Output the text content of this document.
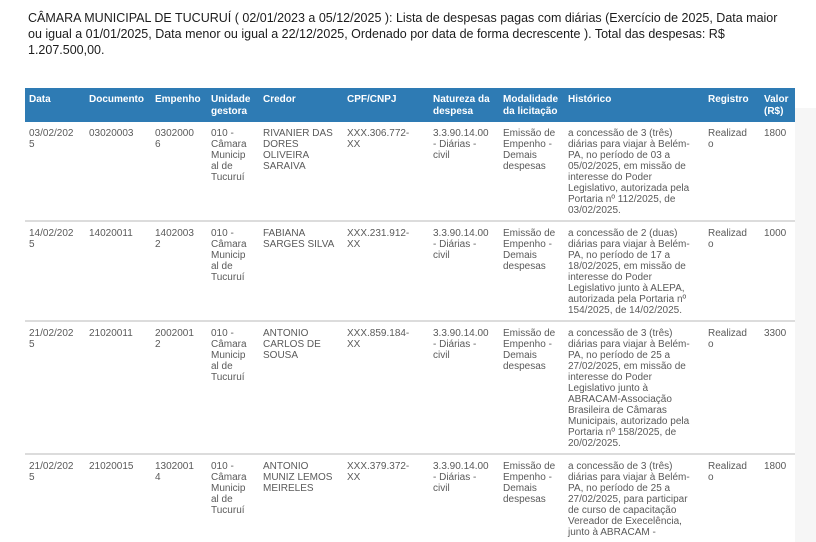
CÂMARA MUNICIPAL DE TUCURUÍ ( 02/01/2023 a 05/12/2025 ): Lista de despesas pagas com diárias (Exercício de 2025, Data maior ou igual a 01/01/2025, Data menor ou igual a 22/12/2025, Ordenado por data de forma decrescente ). Total das despesas: R$ 1.207.500,00.
Data	Documento	Empenho	Unidade gestora	Credor	CPF/CNPJ	Natureza da despesa	Modalidade da licitação	Histórico	Registro	Valor (R$)
03/02/2025	03020003	03020006	010 - Câmara Municipal de Tucuruí	RIVANIER DAS DORES OLIVEIRA SARAIVA	XXX.306.772-XX	3.3.90.14.00 - Diárias - civil	Emissão de Empenho - Demais despesas	a concessão de 3 (três) diárias para viajar à Belém-PA, no período de 03 a 05/02/2025, em missão de interesse do Poder Legislativo, autorizada pela Portaria nº 112/2025, de 03/02/2025.	Realizado	1800
14/02/2025	14020011	14020032	010 - Câmara Municipal de Tucuruí	FABIANA SARGES SILVA	XXX.231.912-XX	3.3.90.14.00 - Diárias - civil	Emissão de Empenho - Demais despesas	a concessão de 2 (duas) diárias para viajar à Belém-PA, no período de 17 a 18/02/2025, em missão de interesse do Poder Legislativo junto à ALEPA, autorizada pela Portaria nº 154/2025, de 14/02/2025.	Realizado	1000
21/02/2025	21020011	20020012	010 - Câmara Municipal de Tucuruí	ANTONIO CARLOS DE SOUSA	XXX.859.184-XX	3.3.90.14.00 - Diárias - civil	Emissão de Empenho - Demais despesas	a concessão de 3 (três) diárias para viajar à Belém-PA, no período de 25 a 27/02/2025, em missão de interesse do Poder Legislativo junto à ABRACAM-Associação Brasileira de Câmaras Municipais, autorizado pela Portaria nº 158/2025, de 20/02/2025.	Realizado	3300
21/02/2025	21020015	13020014	010 - Câmara Municipal de Tucuruí	ANTONIO MUNIZ LEMOS MEIRELES	XXX.379.372-XX	3.3.90.14.00 - Diárias - civil	Emissão de Empenho - Demais despesas	a concessão de 3 (três) diárias para viajar à Belém-PA, no período de 25 a 27/02/2025, para participar de curso de capacitação Vereador de Execelência, junto à ABRACAM -	Realizado	1800
